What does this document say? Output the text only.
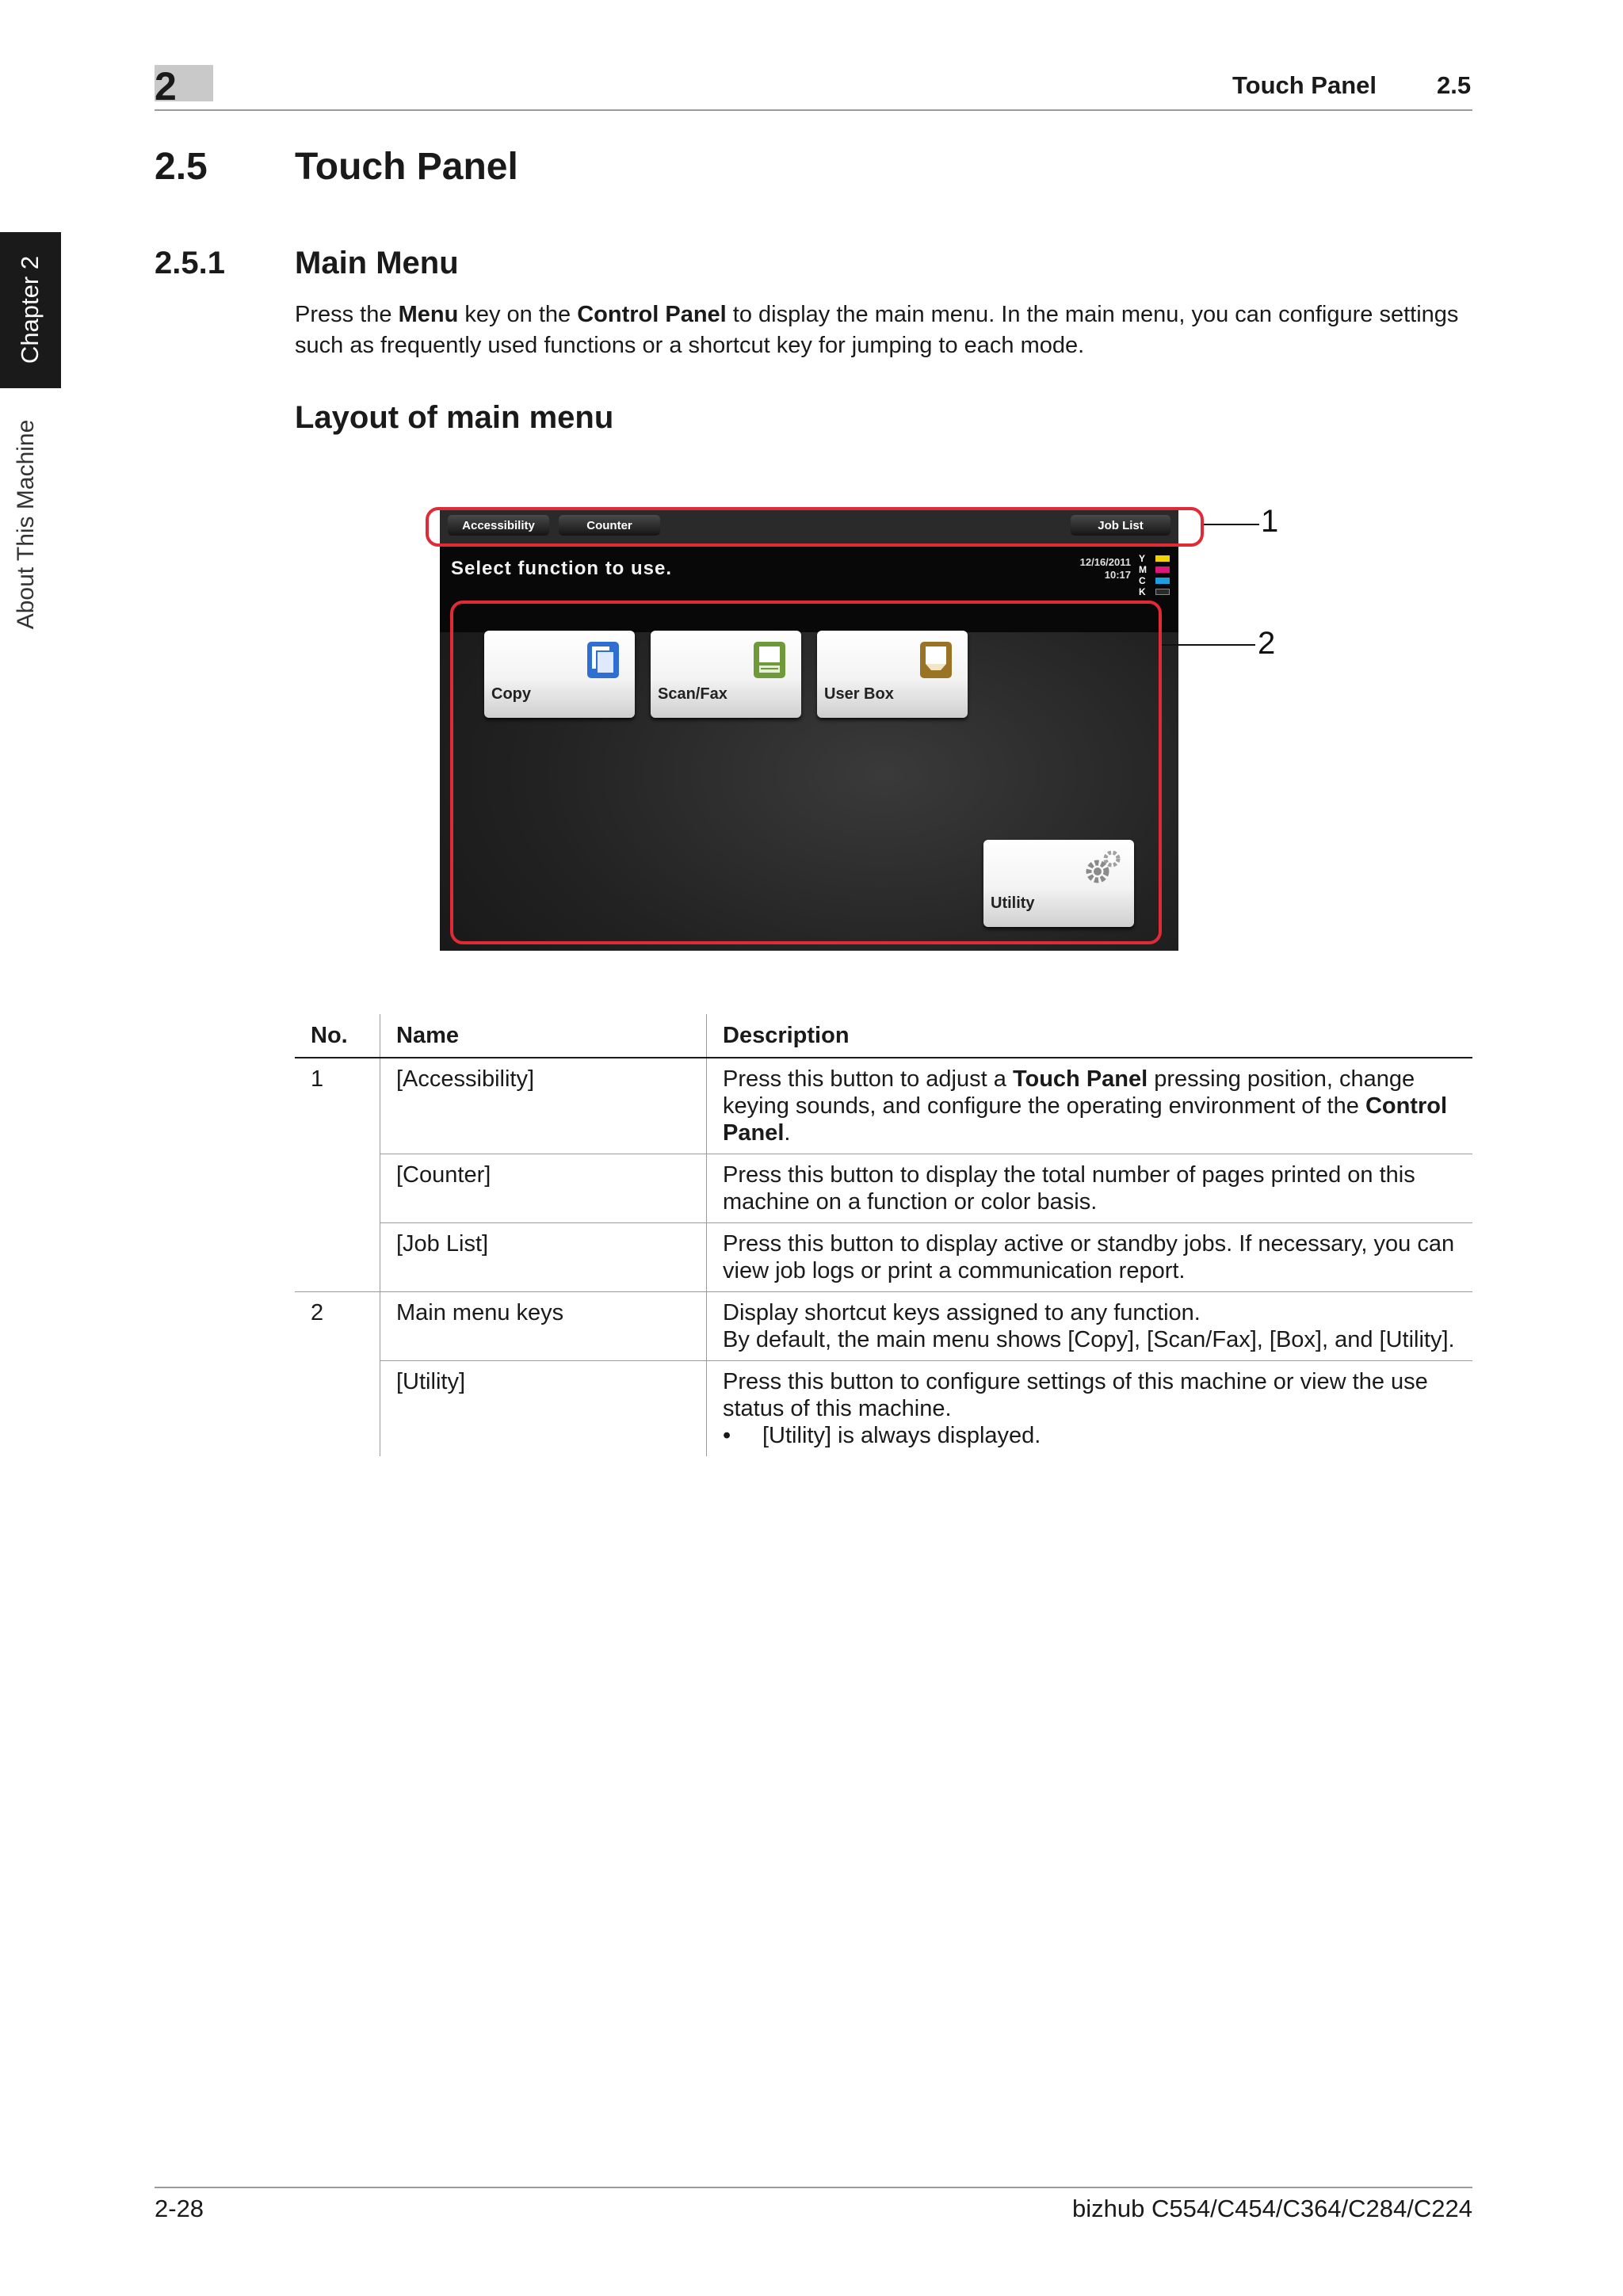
2	Touch Panel 2.5
Chapter 2
About This Machine
2.5 Touch Panel
2.5.1 Main Menu
Press the Menu key on the Control Panel to display the main menu. In the main menu, you can configure settings such as frequently used functions or a shortcut key for jumping to each mode.
Layout of main menu
Accessibility	Counter	Job List
Select function to use.	12/16/2011
10:17
Y
M
C
K
Copy	Scan/Fax	User Box
Utility
1
2
No.	Name	Description
1	[Accessibility]	Press this button to adjust a Touch Panel pressing position, change keying sounds, and configure the operating environment of the Control Panel.
	[Counter]	Press this button to display the total number of pages printed on this machine on a function or color basis.
	[Job List]	Press this button to display active or standby jobs. If necessary, you can view job logs or print a communication report.
2	Main menu keys	Display shortcut keys assigned to any function.
By default, the main menu shows [Copy], [Scan/Fax], [Box], and [Utility].

	[Utility]	Press this button to configure settings of this machine or view the use status of this machine.
• [Utility] is always displayed.
2-28	bizhub C554/C454/C364/C284/C224
